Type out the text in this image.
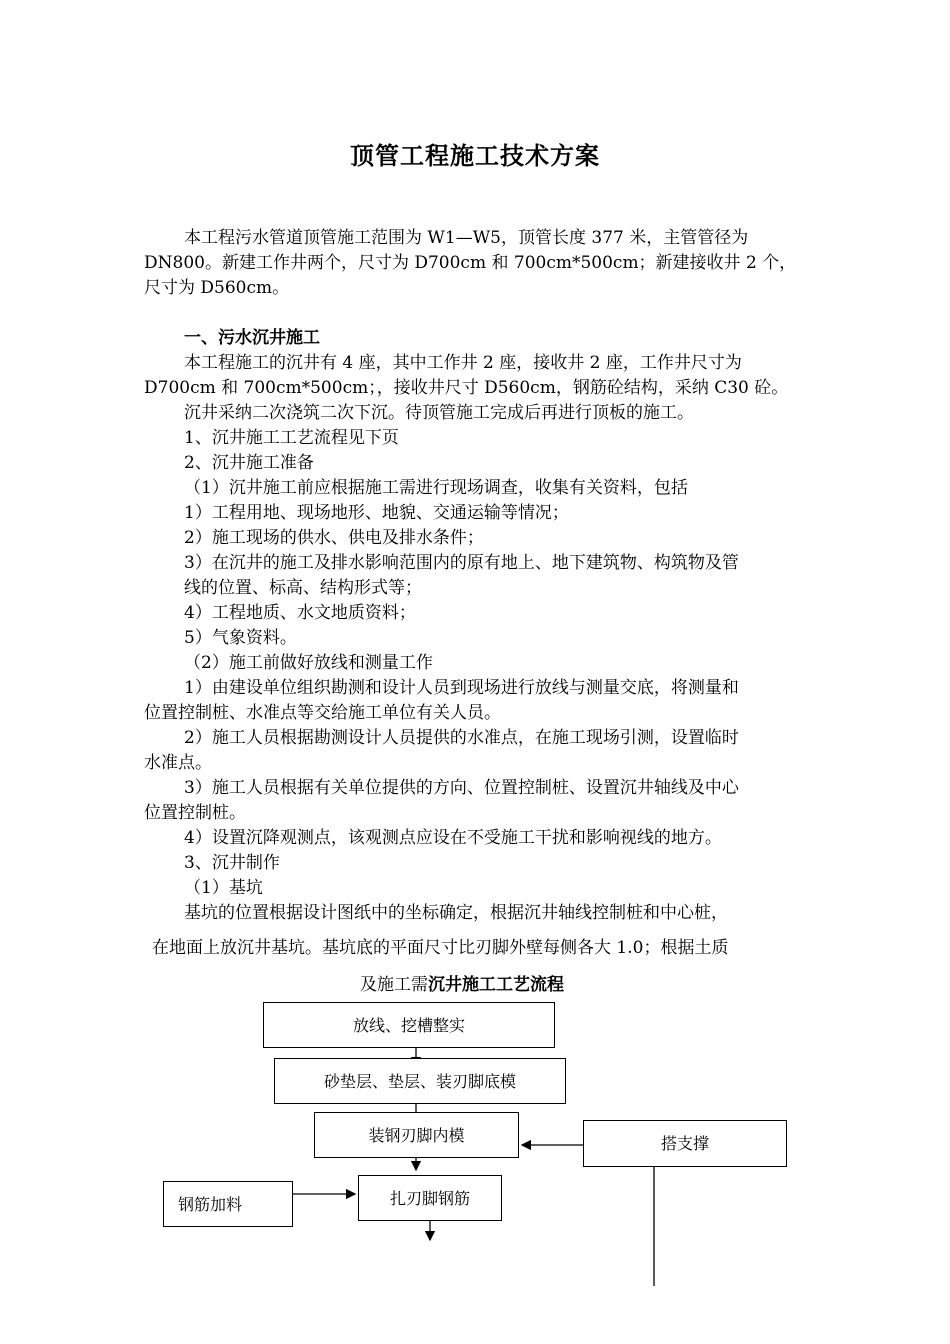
顶管工程施工技术方案
本工程污水管道顶管施工范围为 W1—W5，顶管长度 377 米，主管管径为
DN800。新建工作井两个，尺寸为 D700cm 和 700cm*500cm；新建接收井 2 个，
尺寸为 D560cm。
一、污水沉井施工
本工程施工的沉井有 4 座，其中工作井 2 座，接收井 2 座，工作井尺寸为
D700cm 和 700cm*500cm；，接收井尺寸 D560cm，钢筋砼结构，采纳 C30 砼。
沉井采纳二次浇筑二次下沉。待顶管施工完成后再进行顶板的施工。
1、沉井施工工艺流程见下页
2、沉井施工准备
（1）沉井施工前应根据施工需进行现场调查，收集有关资料，包括
1）工程用地、现场地形、地貌、交通运输等情况；
2）施工现场的供水、供电及排水条件；
3）在沉井的施工及排水影响范围内的原有地上、地下建筑物、构筑物及管
线的位置、标高、结构形式等；
4）工程地质、水文地质资料；
5）气象资料。
（2）施工前做好放线和测量工作
1）由建设单位组织勘测和设计人员到现场进行放线与测量交底，将测量和
位置控制桩、水准点等交给施工单位有关人员。
2）施工人员根据勘测设计人员提供的水准点，在施工现场引测，设置临时
水准点。
3）施工人员根据有关单位提供的方向、位置控制桩、设置沉井轴线及中心
位置控制桩。
4）设置沉降观测点，该观测点应设在不受施工干扰和影响视线的地方。
3、沉井制作
（1）基坑
基坑的位置根据设计图纸中的坐标确定，根据沉井轴线控制桩和中心桩，
在地面上放沉井基坑。基坑底的平面尺寸比刃脚外壁每侧各大 1.0；根据土质
及施工需沉井施工工艺流程
放线、挖槽整实
砂垫层、垫层、装刃脚底模
装钢刃脚内模	搭支撑
钢筋加料	扎刃脚钢筋
